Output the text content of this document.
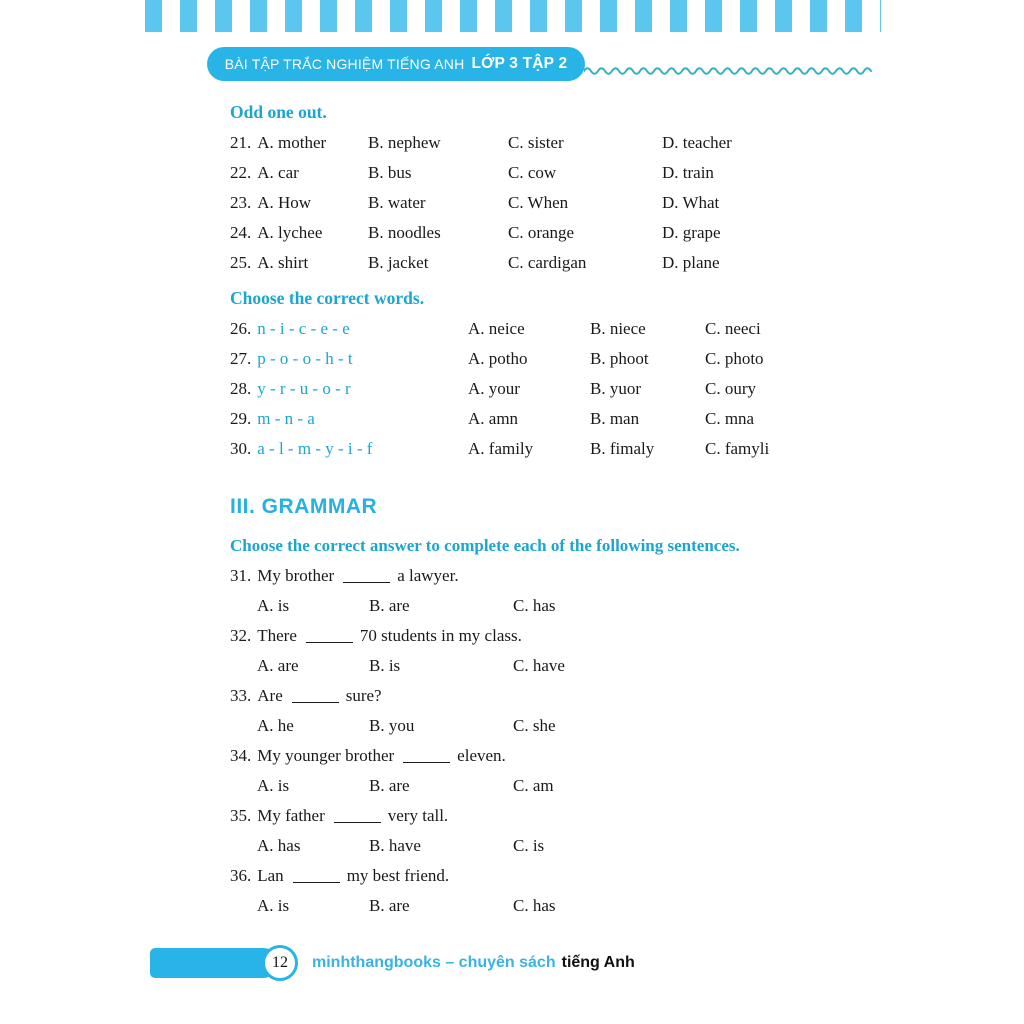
BÀI TẬP TRẮC NGHIỆM TIẾNG ANH LỚP 3 TẬP 2
Odd one out.
21. A. mother	B. nephew	C. sister	D. teacher
22. A. car	B. bus	C. cow	D. train
23. A. How	B. water	C. When	D. What
24. A. lychee	B. noodles	C. orange	D. grape
25. A. shirt	B. jacket	C. cardigan	D. plane
Choose the correct words.
26. n - i - c - e - e	A. neice	B. niece	C. neeci
27. p - o - o - h - t	A. potho	B. phoot	C. photo
28. y - r - u - o - r	A. your	B. yuor	C. oury
29. m - n - a	A. amn	B. man	C. mna
30. a - l - m - y - i - f	A. family	B. fimaly	C. famyli
III. GRAMMAR
Choose the correct answer to complete each of the following sentences.
31. My brother	a lawyer.
A. is	B. are	C. has
32. There	70 students in my class.
A. are	B. is	C. have
33. Are	sure?
A. he	B. you	C. she
34. My younger brother	eleven.
A. is	B. are	C. am
35. My father	very tall.
A. has	B. have	C. is
36. Lan	my best friend.
A. is	B. are	C. has
12 minhthangbooks – chuyên sách tiếng Anh
